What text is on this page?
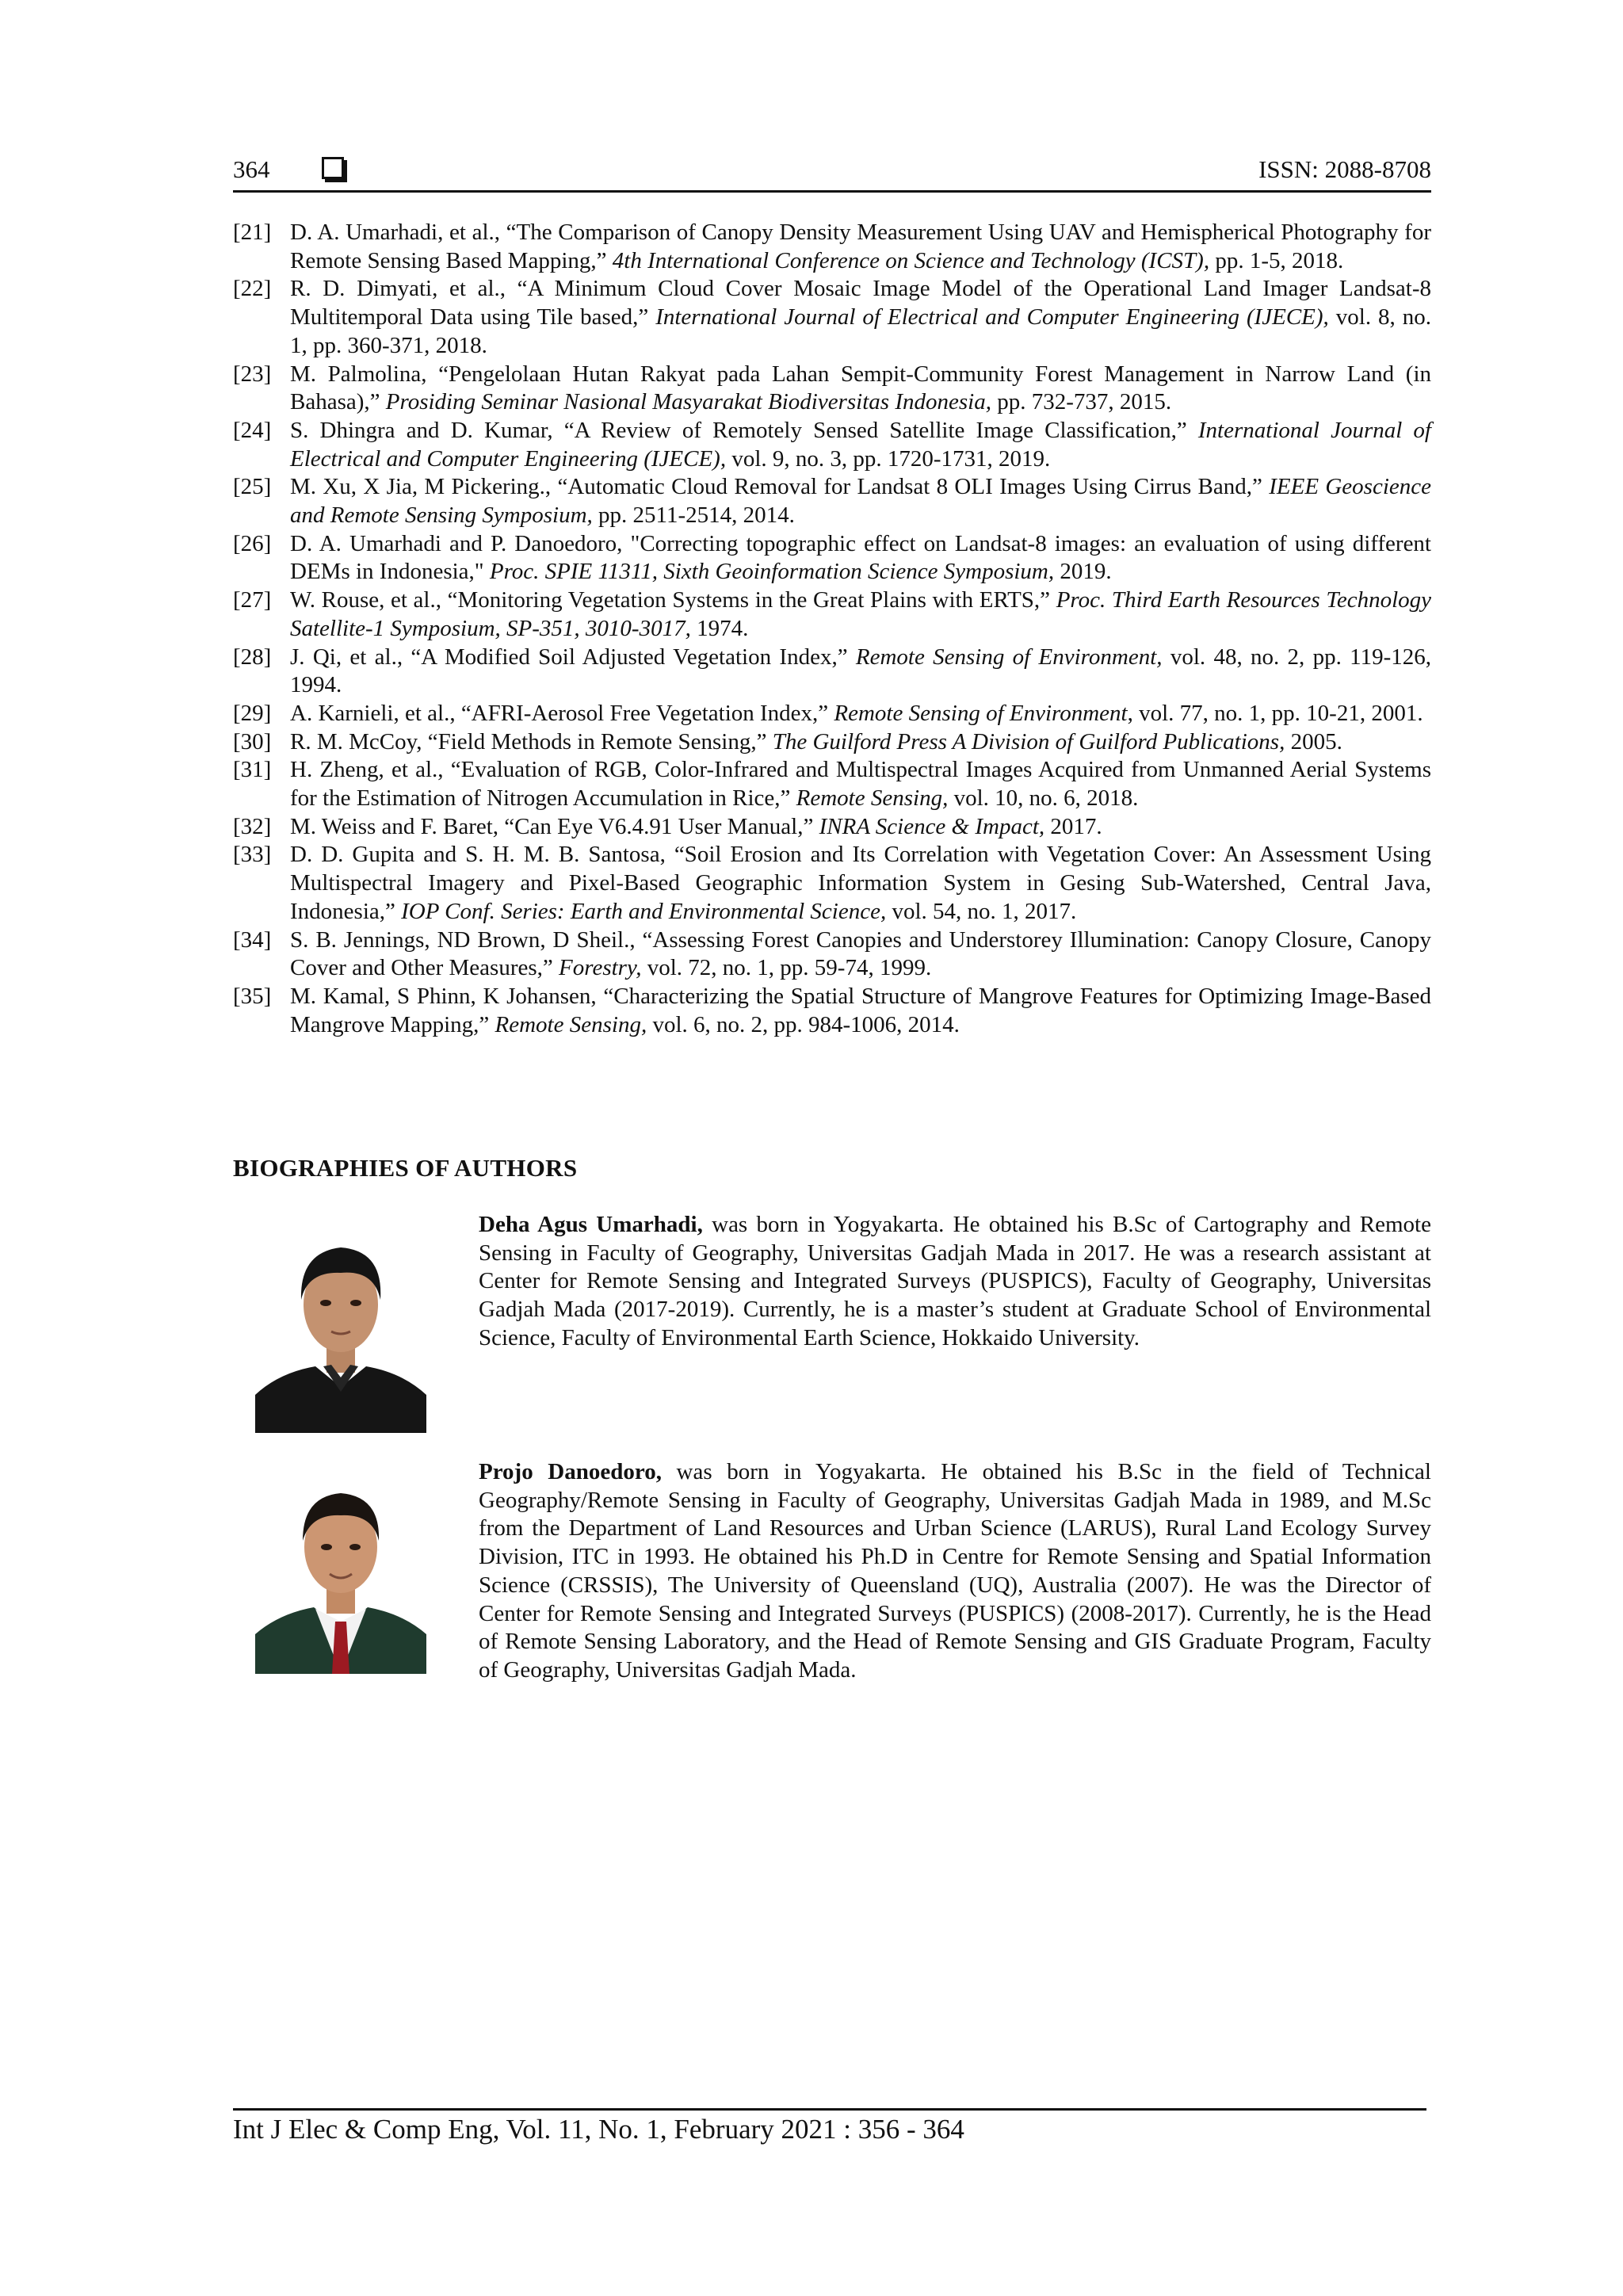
364	ISSN: 2088-8708
[21] D. A. Umarhadi, et al., “The Comparison of Canopy Density Measurement Using UAV and Hemispherical Photography for Remote Sensing Based Mapping,” 4th International Conference on Science and Technology (ICST), pp. 1-5, 2018.
[22] R. D. Dimyati, et al., “A Minimum Cloud Cover Mosaic Image Model of the Operational Land Imager Landsat-8 Multitemporal Data using Tile based,” International Journal of Electrical and Computer Engineering (IJECE), vol. 8, no. 1, pp. 360-371, 2018.
[23] M. Palmolina, “Pengelolaan Hutan Rakyat pada Lahan Sempit-Community Forest Management in Narrow Land (in Bahasa),” Prosiding Seminar Nasional Masyarakat Biodiversitas Indonesia, pp. 732-737, 2015.
[24] S. Dhingra and D. Kumar, “A Review of Remotely Sensed Satellite Image Classification,” International Journal of Electrical and Computer Engineering (IJECE), vol. 9, no. 3, pp. 1720-1731, 2019.
[25] M. Xu, X Jia, M Pickering., “Automatic Cloud Removal for Landsat 8 OLI Images Using Cirrus Band,” IEEE Geoscience and Remote Sensing Symposium, pp. 2511-2514, 2014.
[26] D. A. Umarhadi and P. Danoedoro, "Correcting topographic effect on Landsat-8 images: an evaluation of using different DEMs in Indonesia," Proc. SPIE 11311, Sixth Geoinformation Science Symposium, 2019.
[27] W. Rouse, et al., “Monitoring Vegetation Systems in the Great Plains with ERTS,” Proc. Third Earth Resources Technology Satellite-1 Symposium, SP-351, 3010-3017, 1974.
[28] J. Qi, et al., “A Modified Soil Adjusted Vegetation Index,” Remote Sensing of Environment, vol. 48, no. 2, pp. 119-126, 1994.
[29] A. Karnieli, et al., “AFRI-Aerosol Free Vegetation Index,” Remote Sensing of Environment, vol. 77, no. 1, pp. 10-21, 2001.
[30] R. M. McCoy, “Field Methods in Remote Sensing,” The Guilford Press A Division of Guilford Publications, 2005.
[31] H. Zheng, et al., “Evaluation of RGB, Color-Infrared and Multispectral Images Acquired from Unmanned Aerial Systems for the Estimation of Nitrogen Accumulation in Rice,” Remote Sensing, vol. 10, no. 6, 2018.
[32] M. Weiss and F. Baret, “Can Eye V6.4.91 User Manual,” INRA Science & Impact, 2017.
[33] D. D. Gupita and S. H. M. B. Santosa, “Soil Erosion and Its Correlation with Vegetation Cover: An Assessment Using Multispectral Imagery and Pixel-Based Geographic Information System in Gesing Sub-Watershed, Central Java, Indonesia,” IOP Conf. Series: Earth and Environmental Science, vol. 54, no. 1, 2017.
[34] S. B. Jennings, ND Brown, D Sheil., “Assessing Forest Canopies and Understorey Illumination: Canopy Closure, Canopy Cover and Other Measures,” Forestry, vol. 72, no. 1, pp. 59-74, 1999.
[35] M. Kamal, S Phinn, K Johansen, “Characterizing the Spatial Structure of Mangrove Features for Optimizing Image-Based Mangrove Mapping,” Remote Sensing, vol. 6, no. 2, pp. 984-1006, 2014.
BIOGRAPHIES OF AUTHORS
Deha Agus Umarhadi, was born in Yogyakarta. He obtained his B.Sc of Cartography and Remote Sensing in Faculty of Geography, Universitas Gadjah Mada in 2017. He was a research assistant at Center for Remote Sensing and Integrated Surveys (PUSPICS), Faculty of Geography, Universitas Gadjah Mada (2017-2019). Currently, he is a master’s student at Graduate School of Environmental Science, Faculty of Environmental Earth Science, Hokkaido University.
Projo Danoedoro, was born in Yogyakarta. He obtained his B.Sc in the field of Technical Geography/Remote Sensing in Faculty of Geography, Universitas Gadjah Mada in 1989, and M.Sc from the Department of Land Resources and Urban Science (LARUS), Rural Land Ecology Survey Division, ITC in 1993. He obtained his Ph.D in Centre for Remote Sensing and Spatial Information Science (CRSSIS), The University of Queensland (UQ), Australia (2007). He was the Director of Center for Remote Sensing and Integrated Surveys (PUSPICS) (2008-2017). Currently, he is the Head of Remote Sensing Laboratory, and the Head of Remote Sensing and GIS Graduate Program, Faculty of Geography, Universitas Gadjah Mada.
Int J Elec & Comp Eng, Vol. 11, No. 1, February 2021 : 356 - 364
